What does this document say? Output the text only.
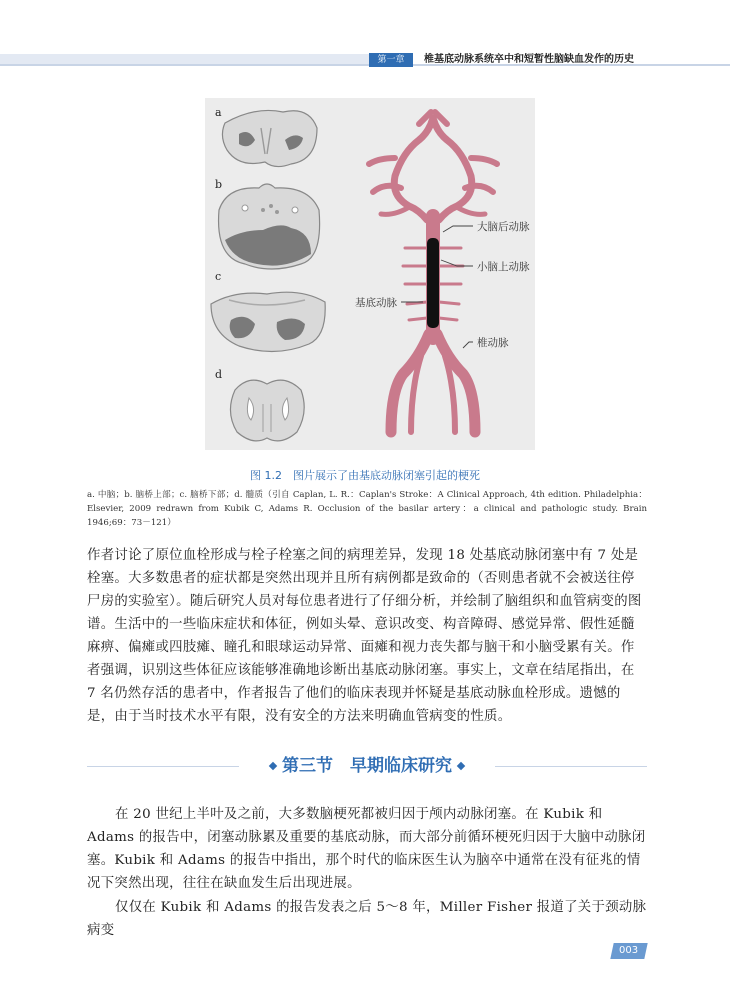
第一章	椎基底动脉系统卒中和短暂性脑缺血发作的历史
a
b
c
d
大脑后动脉
小脑上动脉
基底动脉
椎动脉
图 1.2　图片展示了由基底动脉闭塞引起的梗死
a. 中脑；b. 脑桥上部；c. 脑桥下部；d. 髓质（引自 Caplan, L. R.：Caplan's Stroke：A Clinical Approach, 4th edition. Philadelphia：Elsevier, 2009 redrawn from Kubik C, Adams R. Occlusion of the basilar artery：a clinical and pathologic study. Brain 1946;69：73－121）

作者讨论了原位血栓形成与栓子栓塞之间的病理差异，发现 18 处基底动脉闭塞中有 7 处是栓塞。大多数患者的症状都是突然出现并且所有病例都是致命的（否则患者就不会被送往停尸房的实验室）。随后研究人员对每位患者进行了仔细分析，并绘制了脑组织和血管病变的图谱。生活中的一些临床症状和体征，例如头晕、意识改变、构音障碍、感觉异常、假性延髓麻痹、偏瘫或四肢瘫、瞳孔和眼球运动异常、面瘫和视力丧失都与脑干和小脑受累有关。作者强调，识别这些体征应该能够准确地诊断出基底动脉闭塞。事实上，文章在结尾指出，在 7 名仍然存活的患者中，作者报告了他们的临床表现并怀疑是基底动脉血栓形成。遗憾的是，由于当时技术水平有限，没有安全的方法来明确血管病变的性质。

第三节　早期临床研究

在 20 世纪上半叶及之前，大多数脑梗死都被归因于颅内动脉闭塞。在 Kubik 和 Adams 的报告中，闭塞动脉累及重要的基底动脉，而大部分前循环梗死归因于大脑中动脉闭塞。Kubik 和 Adams 的报告中指出，那个时代的临床医生认为脑卒中通常在没有征兆的情况下突然出现，往往在缺血发生后出现进展。

仅仅在 Kubik 和 Adams 的报告发表之后 5～8 年，Miller Fisher 报道了关于颈动脉病变

003
